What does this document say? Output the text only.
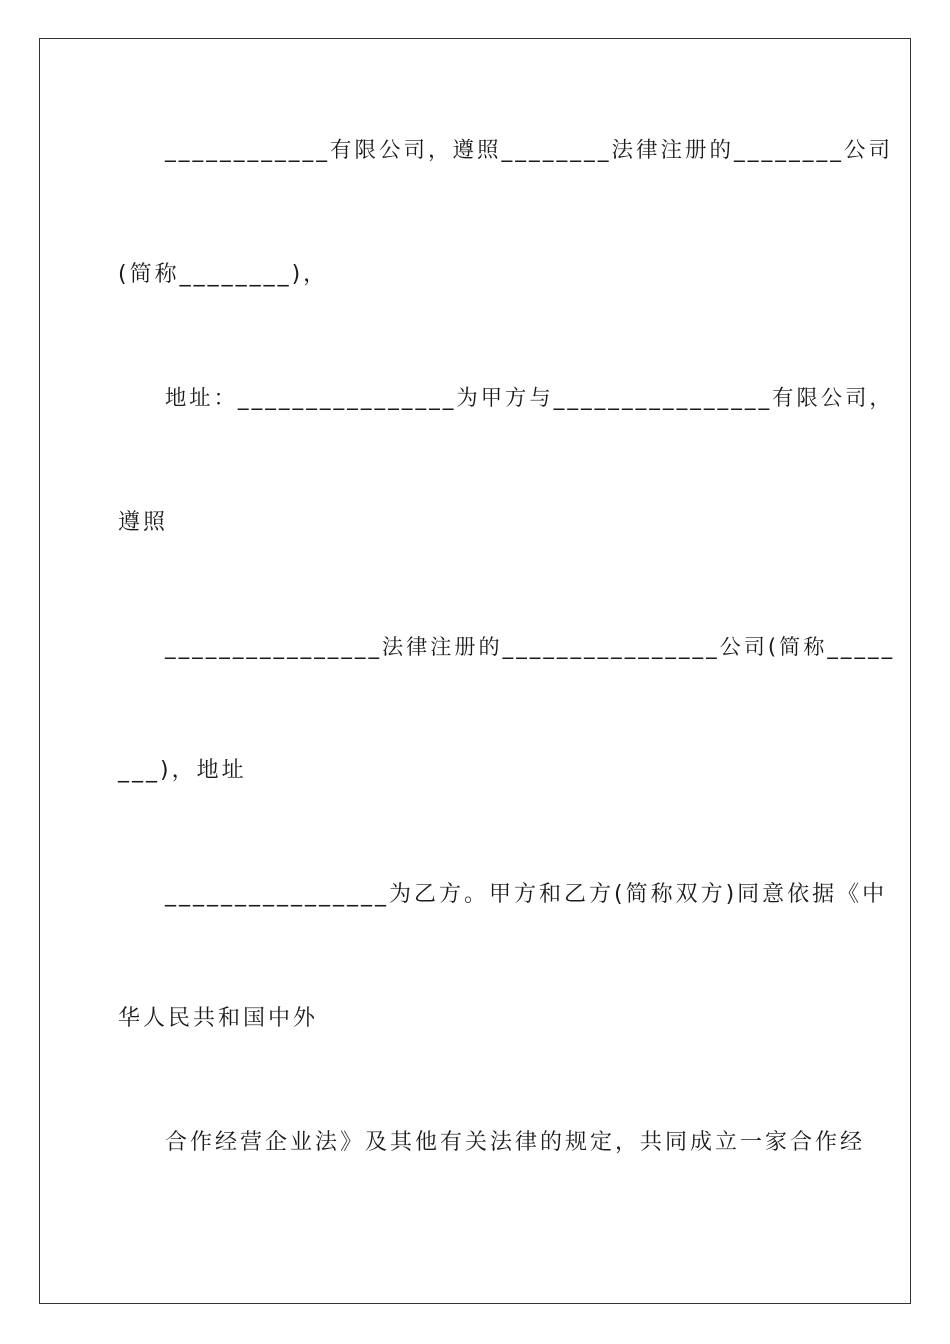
____________有限公司，遵照________法律注册的________公司
(简称________)，
地址：________________为甲方与________________有限公司，
遵照
________________法律注册的________________公司(简称_____
___)，地址
________________为乙方。甲方和乙方(简称双方)同意依据《中
华人民共和国中外
合作经营企业法》及其他有关法律的规定，共同成立一家合作经
